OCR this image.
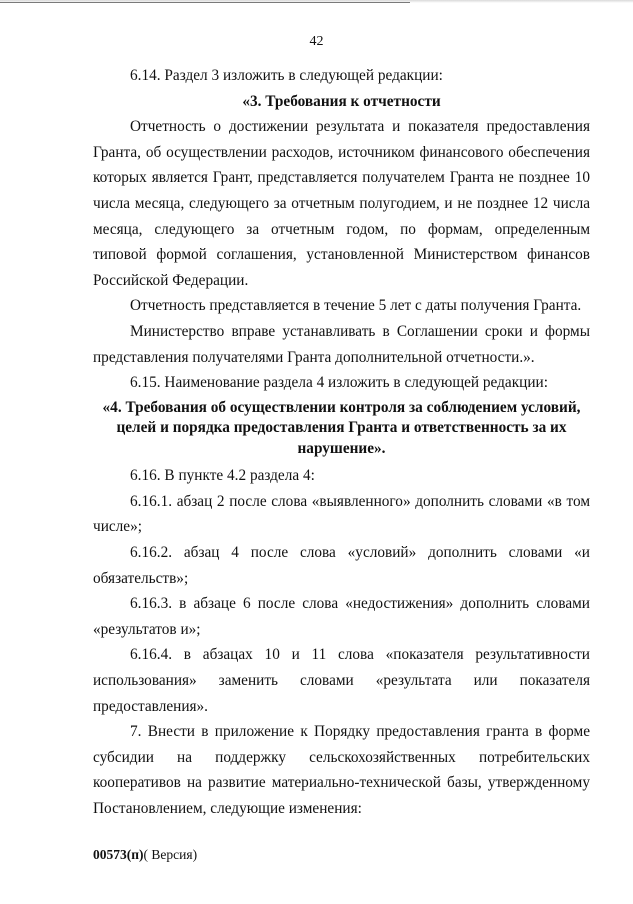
42

6.14. Раздел 3 изложить в следующей редакции:

«3. Требования к отчетности

Отчетность о достижении результата и показателя предоставления Гранта, об осуществлении расходов, источником финансового обеспечения которых является Грант, представляется получателем Гранта не позднее 10 числа месяца, следующего за отчетным полугодием, и не позднее 12 числа месяца, следующего за отчетным годом, по формам, определенным типовой формой соглашения, установленной Министерством финансов Российской Федерации.

Отчетность представляется в течение 5 лет с даты получения Гранта.

Министерство вправе устанавливать в Соглашении сроки и формы представления получателями Гранта дополнительной отчетности.».

6.15. Наименование раздела 4 изложить в следующей редакции:

«4. Требования об осуществлении контроля за соблюдением условий, целей и порядка предоставления Гранта и ответственность за их нарушение».

6.16. В пункте 4.2 раздела 4:

6.16.1. абзац 2 после слова «выявленного» дополнить словами «в том числе»;

6.16.2. абзац 4 после слова «условий» дополнить словами «и обязательств»;

6.16.3. в абзаце 6 после слова «недостижения» дополнить словами «результатов и»;

6.16.4. в абзацах 10 и 11 слова «показателя результативности использования» заменить словами «результата или показателя предоставления».

7. Внести в приложение к Порядку предоставления гранта в форме субсидии на поддержку сельскохозяйственных потребительских кооперативов на развитие материально-технической базы, утвержденному Постановлением, следующие изменения:

00573(п)( Версия)
